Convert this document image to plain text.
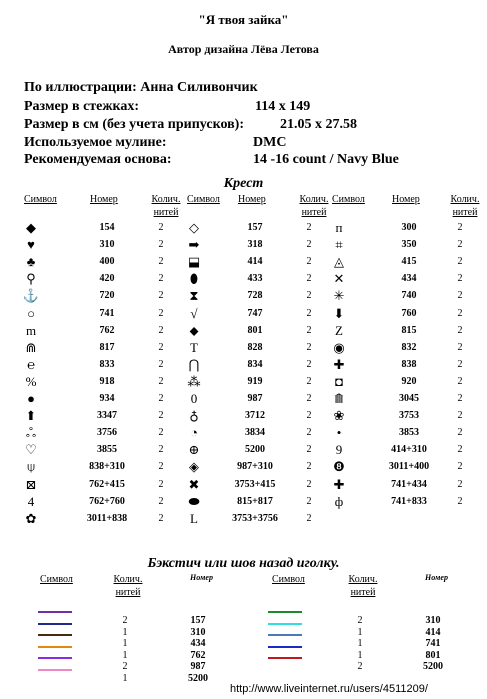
"Я твоя зайка"
Автор дизайна Лёва Летова
По иллюстрации: Анна Силивончик
Размер в стежках:	114 x 149
Размер в см (без учета припусков):	21.05 x 27.58
Используемое мулине:	DMC
Рекомендуемая основа:	14 -16 count / Navy Blue
Крест
Символ	Номер	Колич. нитей
Символ Номер	Колич. нитей
Символ	Номер	Колич. нитей
◆	154	2
♥	310	2
♣	400	2
⚲	420	2
⚓	720	2
○	741	2
m	762	2
⋒	817	2
℮	833	2
%	918	2
●	934	2
⬆	3347	2
ஃ	3756	2
♡	3855	2
⍦	838+310	2
⊠	762+415	2
4	762+760	2
✿	3011+838	2
◇	157	2
➡	318	2
⬓	414	2
⬮	433	2
⧗	728	2
√	747	2
⬥	801	2
T	828	2
⋂	834	2
⁂	919	2
0	987	2
♁	3712	2
◔	3834	2
⊕	5200	2
◈	987+310	2
✖	3753+415	2
⬬	815+817	2
L	3753+3756	2
п	300	2
⌗	350	2
◬	415	2
✕	434	2
✳	740	2
⬇	760	2
Z	815	2
◉	832	2
✚	838	2
◘	920	2
⟰	3045	2
❀	3753	2
•	3853	2
9	414+310	2
❽	3011+400	2
✚	741+434	2
ф	741+833	2
Бэкстич или шов назад иголку.
Символ	Колич. нитей
Номер
2	157
1	310
1	434
1	762
2	987
1	5200
Символ	Колич. нитей
Номер
2	310
1	414
1	741
1	801
2	5200
http://www.liveinternet.ru/users/4511209/
